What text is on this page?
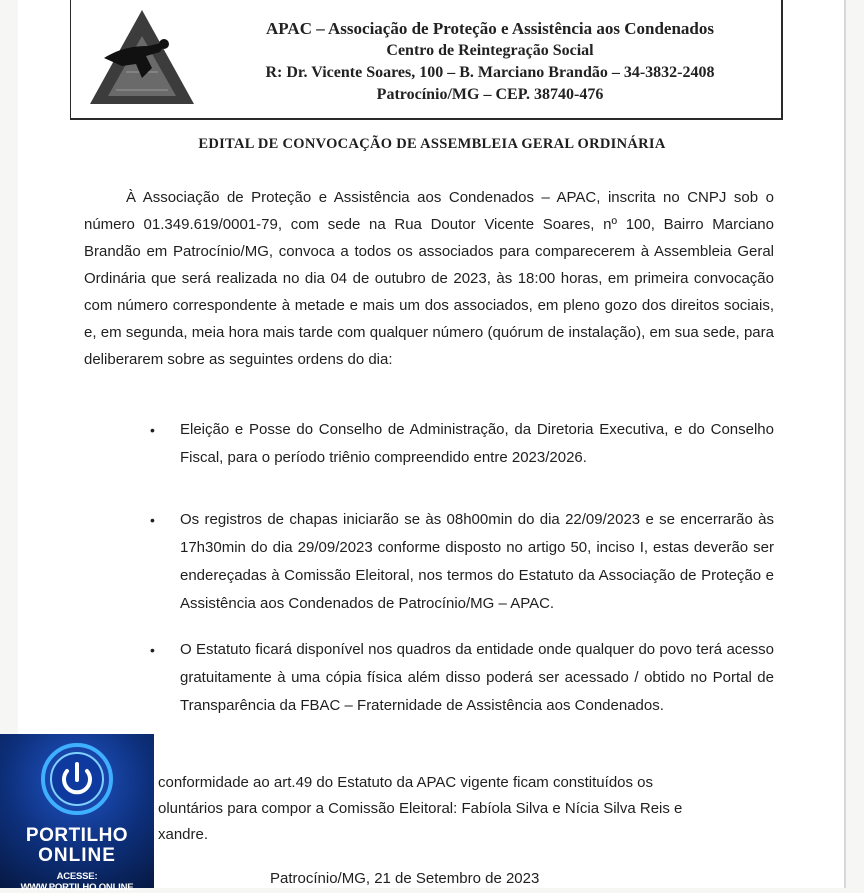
APAC – Associação de Proteção e Assistência aos Condenados
Centro de Reintegração Social
R: Dr. Vicente Soares, 100 – B. Marciano Brandão – 34-3832-2408
Patrocínio/MG – CEP. 38740-476
EDITAL DE CONVOCAÇÃO DE ASSEMBLEIA GERAL ORDINÁRIA
À Associação de Proteção e Assistência aos Condenados – APAC, inscrita no CNPJ sob o número 01.349.619/0001-79, com sede na Rua Doutor Vicente Soares, nº 100, Bairro Marciano Brandão em Patrocínio/MG, convoca a todos os associados para comparecerem à Assembleia Geral Ordinária que será realizada no dia 04 de outubro de 2023, às 18:00 horas, em primeira convocação com número correspondente à metade e mais um dos associados, em pleno gozo dos direitos sociais, e, em segunda, meia hora mais tarde com qualquer número (quórum de instalação), em sua sede, para deliberarem sobre as seguintes ordens do dia:
•	Eleição e Posse do Conselho de Administração, da Diretoria Executiva, e do Conselho Fiscal, para o período triênio compreendido entre 2023/2026.
•	Os registros de chapas iniciarão se às 08h00min do dia 22/09/2023 e se encerrarão às 17h30min do dia 29/09/2023 conforme disposto no artigo 50, inciso I, estas deverão ser endereçadas à Comissão Eleitoral, nos termos do Estatuto da Associação de Proteção e Assistência aos Condenados de Patrocínio/MG – APAC.
•	O Estatuto ficará disponível nos quadros da entidade onde qualquer do povo terá acesso gratuitamente à uma cópia física além disso poderá ser acessado / obtido no Portal de Transparência da FBAC – Fraternidade de Assistência aos Condenados.
conformidade ao art.49 do Estatuto da APAC vigente ficam constituídos os
oluntários para compor a Comissão Eleitoral: Fabíola Silva e Nícia Silva Reis e
xandre.
Patrocínio/MG, 21 de Setembro de 2023
PORTILHO
ONLINE
ACESSE: WWW.PORTILHO.ONLINE
